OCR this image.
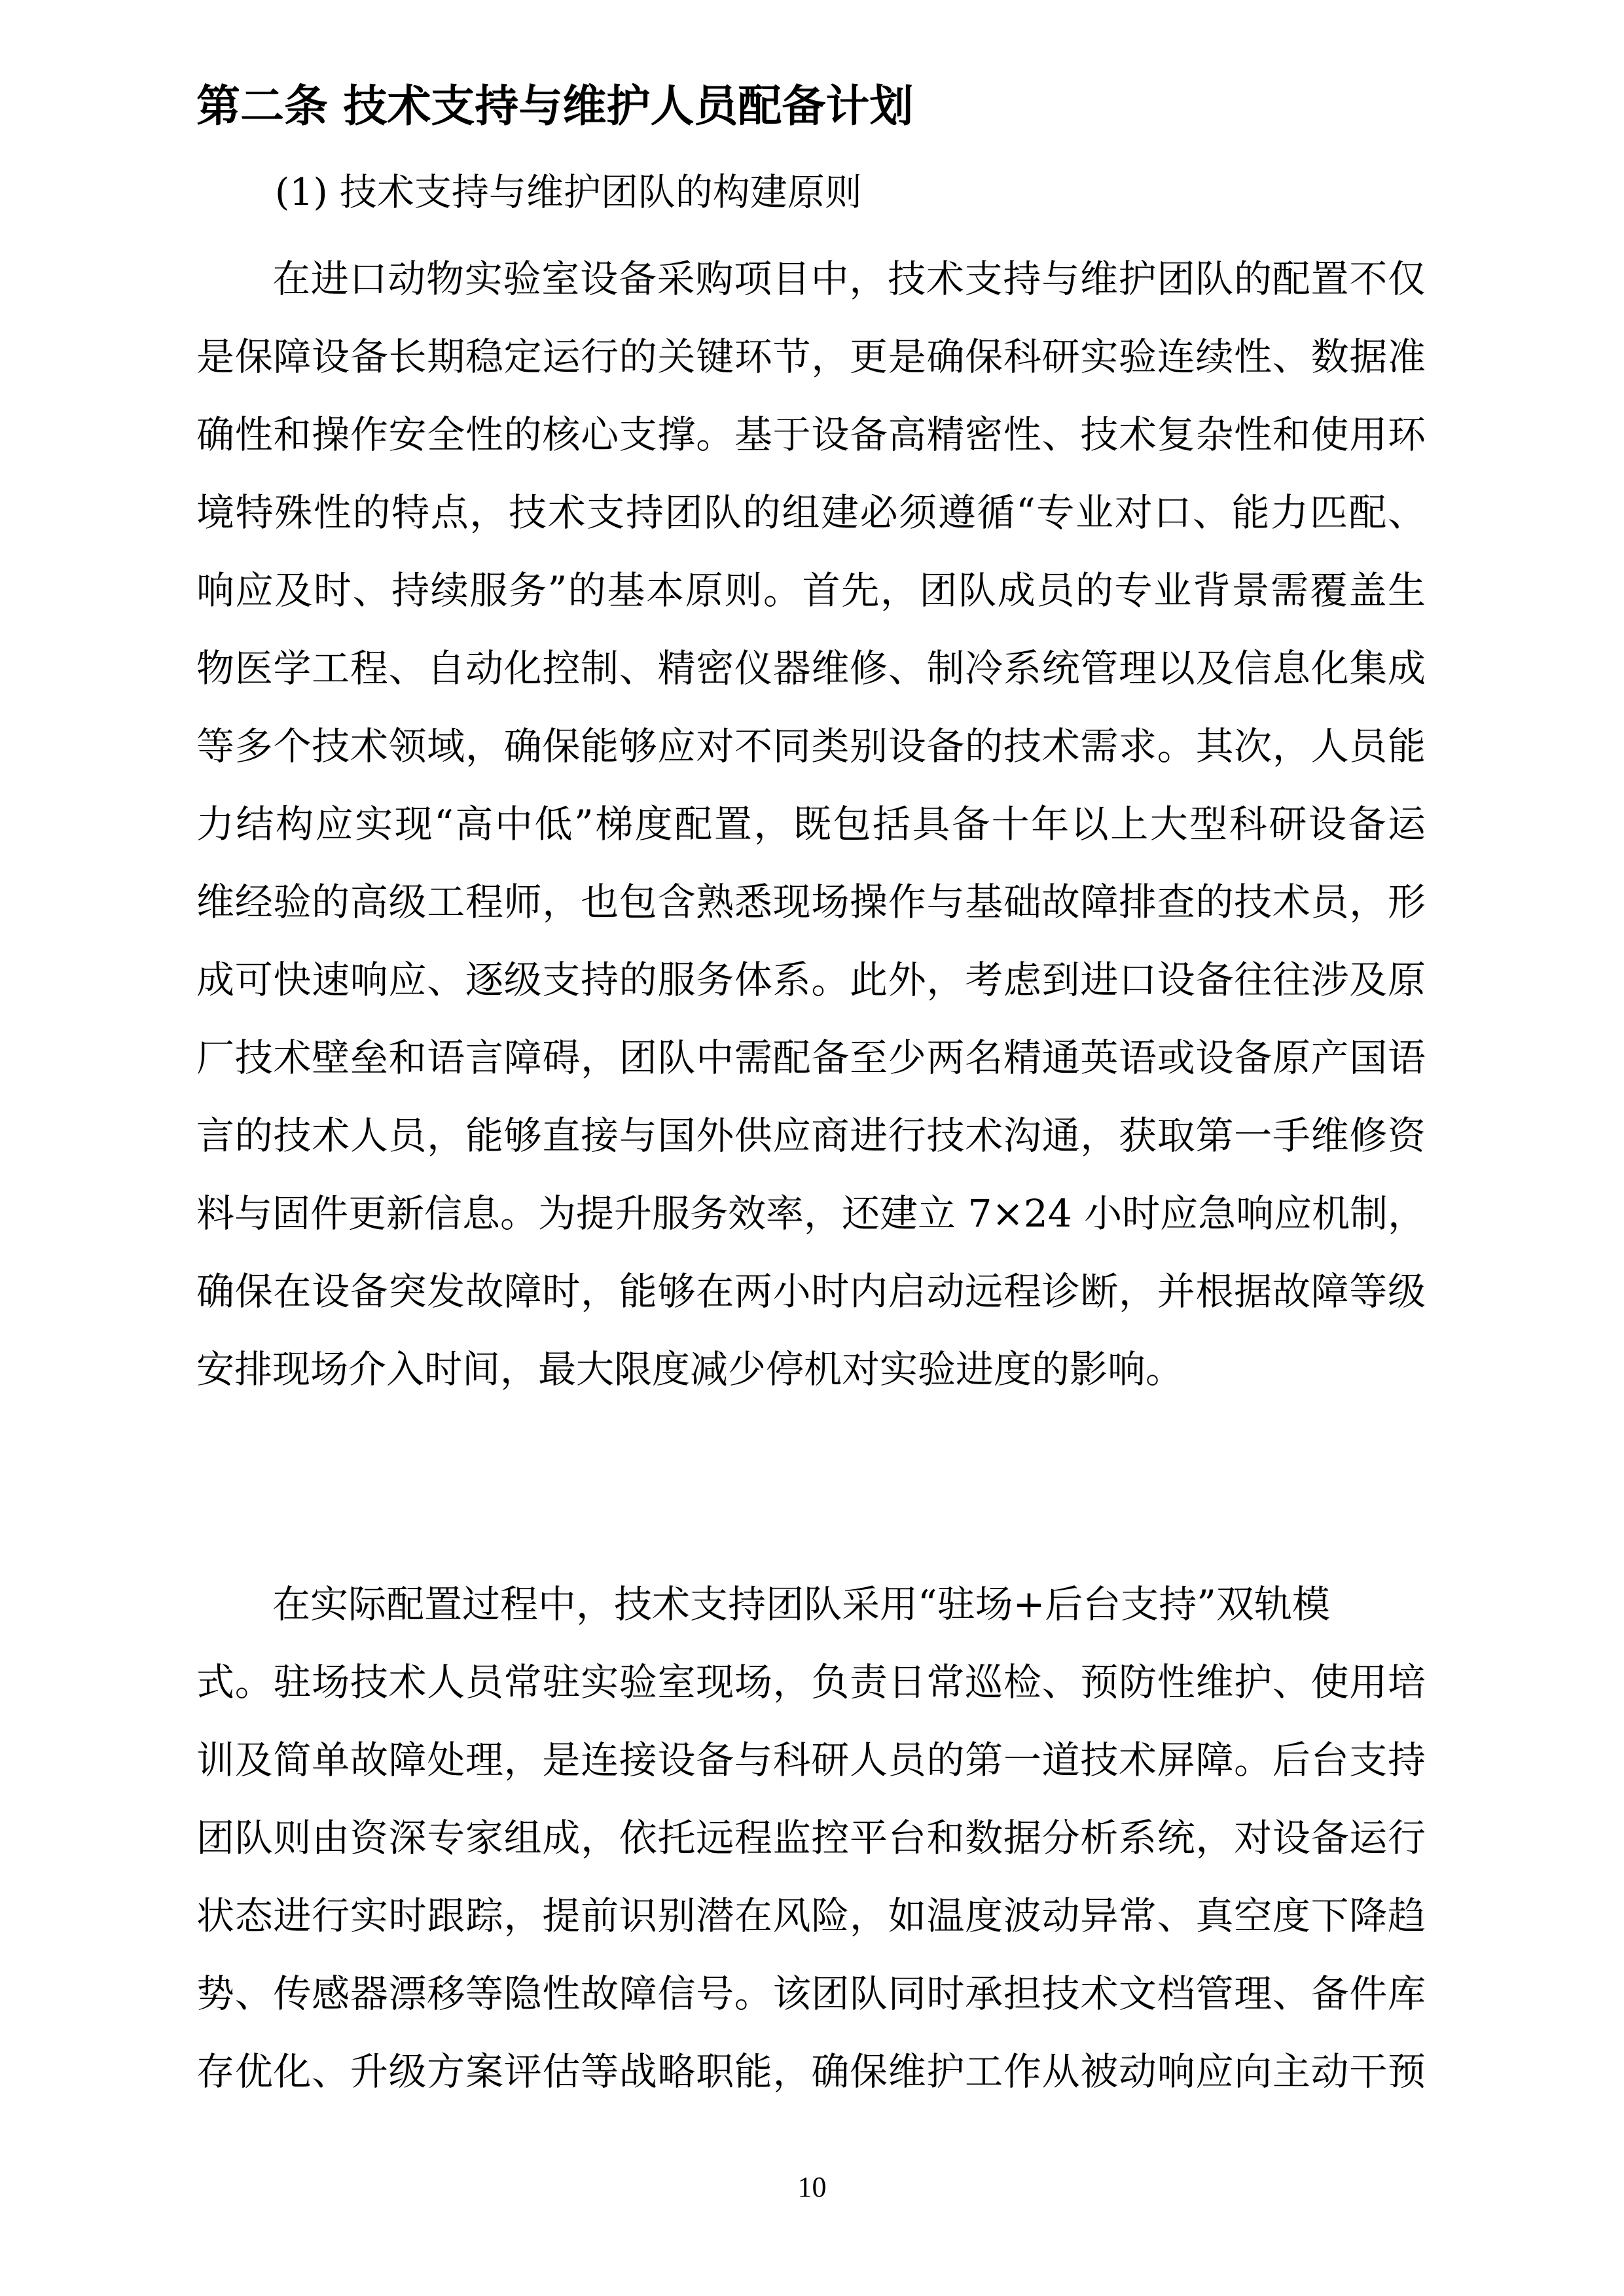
第二条 技术支持与维护人员配备计划
(1) 技术支持与维护团队的构建原则
在进口动物实验室设备采购项目中，技术支持与维护团队的配置不仅
是保障设备长期稳定运行的关键环节，更是确保科研实验连续性、数据准
确性和操作安全性的核心支撑。基于设备高精密性、技术复杂性和使用环
境特殊性的特点，技术支持团队的组建必须遵循“专业对口、能力匹配、
响应及时、持续服务”的基本原则。首先，团队成员的专业背景需覆盖生
物医学工程、自动化控制、精密仪器维修、制冷系统管理以及信息化集成
等多个技术领域，确保能够应对不同类别设备的技术需求。其次，人员能
力结构应实现“高中低”梯度配置，既包括具备十年以上大型科研设备运
维经验的高级工程师，也包含熟悉现场操作与基础故障排查的技术员，形
成可快速响应、逐级支持的服务体系。此外，考虑到进口设备往往涉及原
厂技术壁垒和语言障碍，团队中需配备至少两名精通英语或设备原产国语
言的技术人员，能够直接与国外供应商进行技术沟通，获取第一手维修资
料与固件更新信息。为提升服务效率，还建立 7×24 小时应急响应机制，
确保在设备突发故障时，能够在两小时内启动远程诊断，并根据故障等级
安排现场介入时间，最大限度减少停机对实验进度的影响。
在实际配置过程中，技术支持团队采用“驻场+后台支持”双轨模
式。驻场技术人员常驻实验室现场，负责日常巡检、预防性维护、使用培
训及简单故障处理，是连接设备与科研人员的第一道技术屏障。后台支持
团队则由资深专家组成，依托远程监控平台和数据分析系统，对设备运行
状态进行实时跟踪，提前识别潜在风险，如温度波动异常、真空度下降趋
势、传感器漂移等隐性故障信号。该团队同时承担技术文档管理、备件库
存优化、升级方案评估等战略职能，确保维护工作从被动响应向主动干预
10
